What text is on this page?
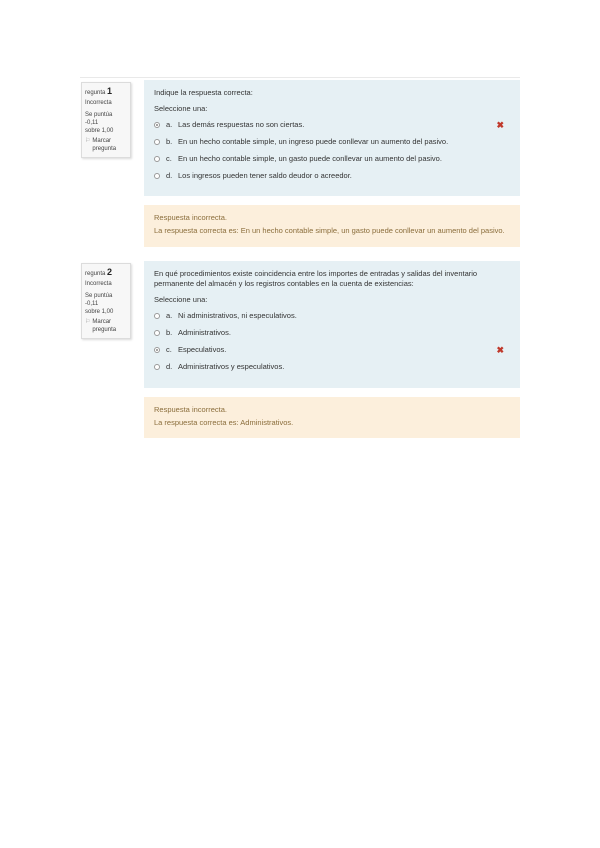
regunta 1
Incorrecta
Se puntúa -0,11
sobre 1,00
⚐ Marcar
pregunta
Indique la respuesta correcta:
Seleccione una:
a. Las demás respuestas no son ciertas.	✖
b. En un hecho contable simple, un ingreso puede conllevar un aumento del pasivo.
c. En un hecho contable simple, un gasto puede conllevar un aumento del pasivo.
d. Los ingresos pueden tener saldo deudor o acreedor.
Respuesta incorrecta.
La respuesta correcta es: En un hecho contable simple, un gasto puede conllevar un aumento del pasivo.
regunta 2
Incorrecta
Se puntúa -0,11
sobre 1,00
⚐ Marcar
pregunta
En qué procedimientos existe coincidencia entre los importes de entradas y salidas del inventario permanente del almacén y los registros contables en la cuenta de existencias:
Seleccione una:
a. Ni administrativos, ni especulativos.
b. Administrativos.
c. Especulativos.	✖
d. Administrativos y especulativos.
Respuesta incorrecta.
La respuesta correcta es: Administrativos.
